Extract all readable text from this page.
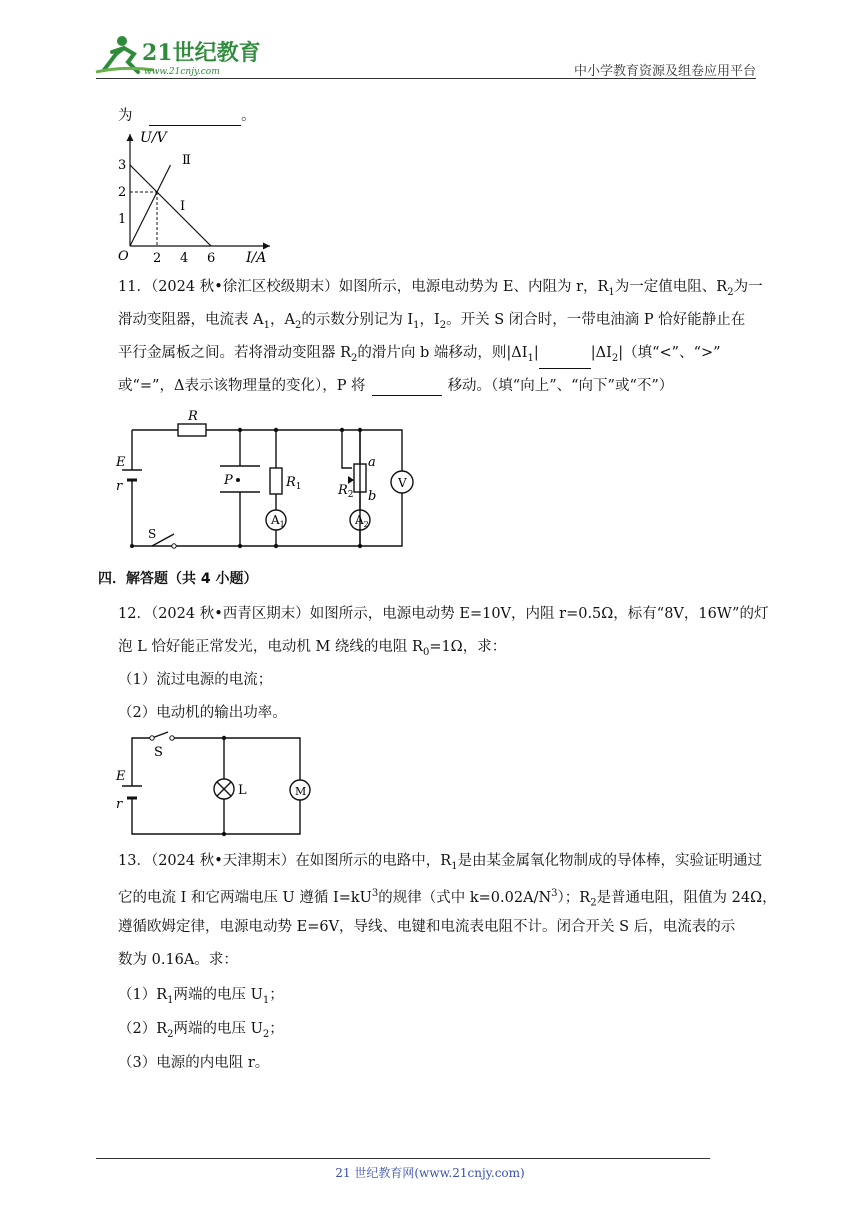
21世纪教育
www.21cnjy.com	中小学教育资源及组卷应用平台
为	。
U/V
I/A
O
1
2
3
2 4 6
Ⅱ
Ⅰ
11．（2024 秋•徐汇区校级期末）如图所示，电源电动势为 E、内阻为 r，$R_1$为一定值电阻、$R_2$为一
滑动变阻器，电流表 $A_1$，$A_2$的示数分别记为 $I_1$，$I_2$。开关 S 闭合时，一带电油滴 P 恰好能静止在
平行金属板之间。若将滑动变阻器 $R_2$的滑片向 b 端移动，则$|\Delta I_1|$	$|\Delta I_2|$（填“<”、“>”
或“=”，Δ表示该物理量的变化），P 将	移动。（填“向上”、“向下”或“不”）
R
E
r	P	$R_1$	$R_2$
a
b
V
$A_1$	$A_2$
S
四．解答题（共 4 小题）
12．（2024 秋•西青区期末）如图所示，电源电动势 E=10V，内阻 r=0.5Ω，标有“8V，16W”的灯
泡 L 恰好能正常发光，电动机 M 绕线的电阻 $R_0=1\Omega$，求：
（1）流过电源的电流；
（2）电动机的输出功率。
S
E
r
L	M
13．（2024 秋•天津期末）在如图所示的电路中，$R_1$是由某金属氧化物制成的导体棒，实验证明通过
它的电流 I 和它两端电压 U 遵循 $I=kU^3$的规律（式中 $k=0.02A/N^3$）；$R_2$是普通电阻，阻值为 24Ω，
遵循欧姆定律，电源电动势 E=6V，导线、电键和电流表电阻不计。闭合开关 S 后，电流表的示
数为 0.16A。求：
$(1)R_1$两端的电压 $U_1$；
$(2)R_2$两端的电压 $U_2$；
（3）电源的内电阻 r。
21 世纪教育网(www.21cnjy.com)
